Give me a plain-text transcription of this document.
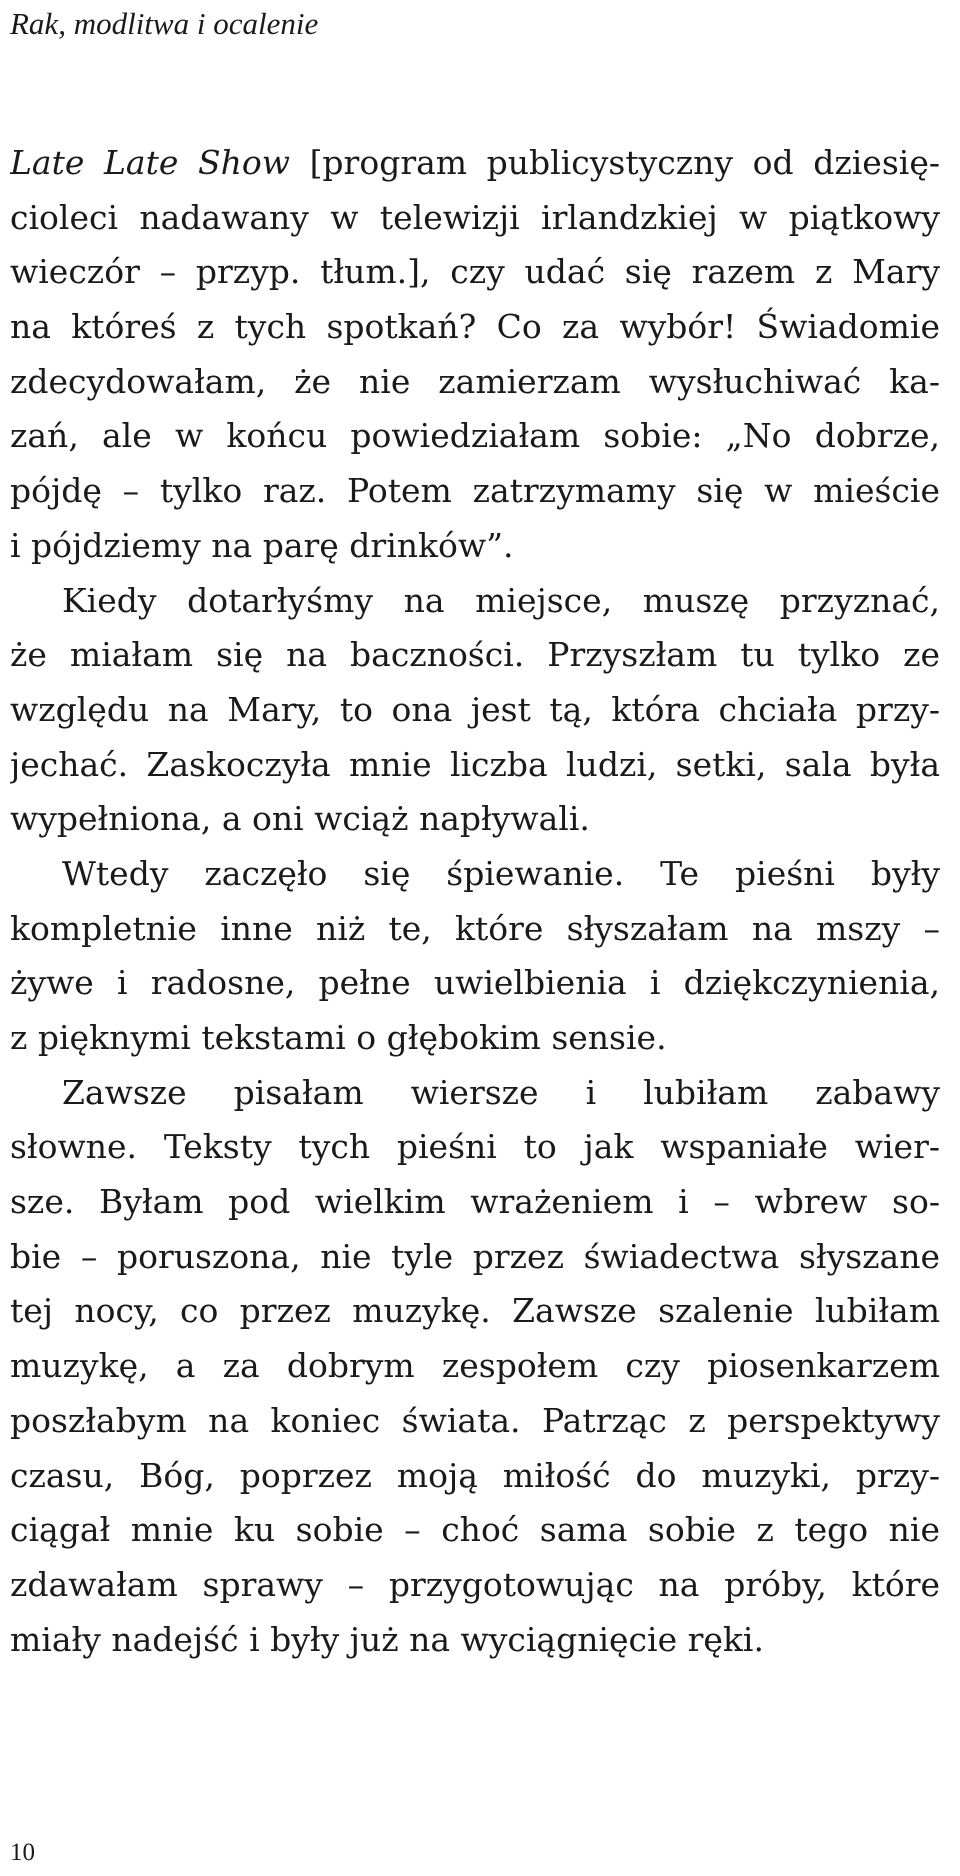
Rak, modlitwa i ocalenie
Late Late Show [program publicystyczny od dziesię-
cioleci nadawany w telewizji irlandzkiej w piątkowy
wieczór – przyp. tłum.], czy udać się razem z Mary
na któreś z tych spotkań? Co za wybór! Świadomie
zdecydowałam, że nie zamierzam wysłuchiwać ka-
zań, ale w końcu powiedziałam sobie: „No dobrze,
pójdę – tylko raz. Potem zatrzymamy się w mieście
i pójdziemy na parę drinków”.
Kiedy dotarłyśmy na miejsce, muszę przyznać,
że miałam się na baczności. Przyszłam tu tylko ze
względu na Mary, to ona jest tą, która chciała przy-
jechać. Zaskoczyła mnie liczba ludzi, setki, sala była
wypełniona, a oni wciąż napływali.
Wtedy zaczęło się śpiewanie. Te pieśni były
kompletnie inne niż te, które słyszałam na mszy –
żywe i radosne, pełne uwielbienia i dziękczynienia,
z pięknymi tekstami o głębokim sensie.
Zawsze pisałam wiersze i lubiłam zabawy
słowne. Teksty tych pieśni to jak wspaniałe wier-
sze. Byłam pod wielkim wrażeniem i – wbrew so-
bie – poruszona, nie tyle przez świadectwa słyszane
tej nocy, co przez muzykę. Zawsze szalenie lubiłam
muzykę, a za dobrym zespołem czy piosenkarzem
poszłabym na koniec świata. Patrząc z perspektywy
czasu, Bóg, poprzez moją miłość do muzyki, przy-
ciągał mnie ku sobie – choć sama sobie z tego nie
zdawałam sprawy – przygotowując na próby, które
miały nadejść i były już na wyciągnięcie ręki.
10
